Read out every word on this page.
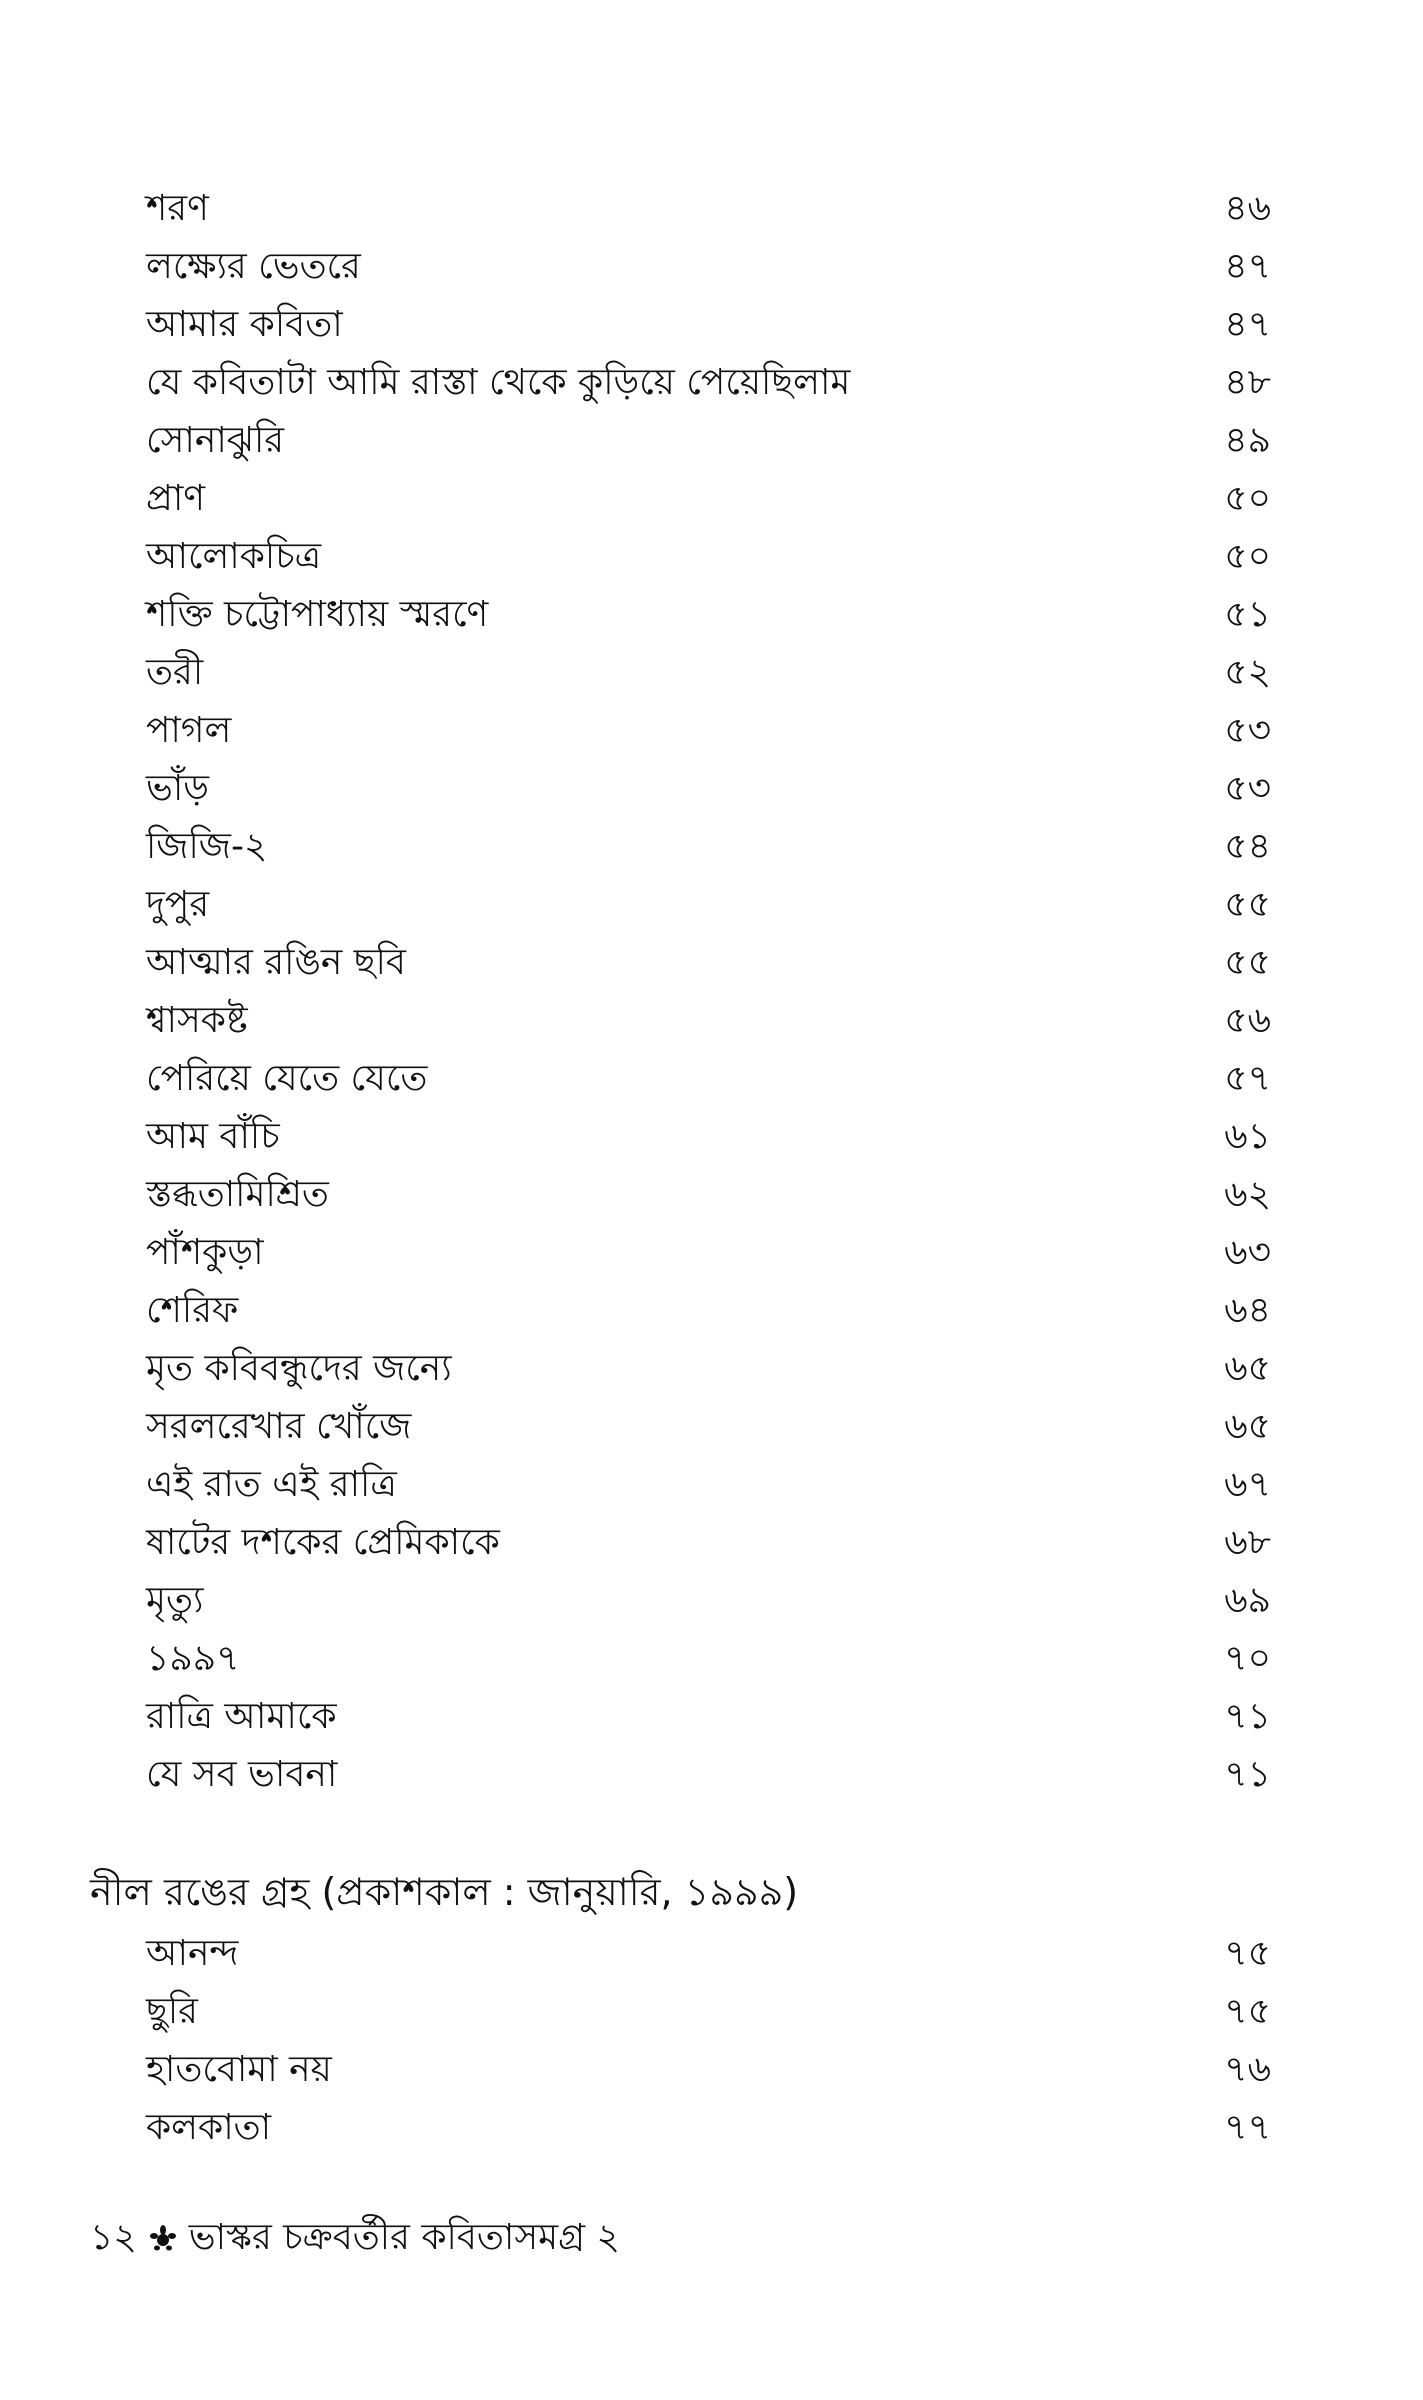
শরণ	৪৬
লক্ষ্যের ভেতরে	৪৭
আমার কবিতা	৪৭
যে কবিতাটা আমি রাস্তা থেকে কুড়িয়ে পেয়েছিলাম	৪৮
সোনাঝুরি	৪৯
প্রাণ	৫০
আলোকচিত্র	৫০
শক্তি চট্টোপাধ্যায় স্মরণে	৫১
তরী	৫২
পাগল	৫৩
ভাঁড়	৫৩
জিজি-২	৫৪
দুপুর	৫৫
আত্মার রঙিন ছবি	৫৫
শ্বাসকষ্ট	৫৬
পেরিয়ে যেতে যেতে	৫৭
আম বাঁচি	৬১
স্তব্ধতামিশ্রিত	৬২
পাঁশকুড়া	৬৩
শেরিফ	৬৪
মৃত কবিবন্ধুদের জন্যে	৬৫
সরলরেখার খোঁজে	৬৫
এই রাত এই রাত্রি	৬৭
ষাটের দশকের প্রেমিকাকে	৬৮
মৃত্যু	৬৯
১৯৯৭	৭০
রাত্রি আমাকে	৭১
যে সব ভাবনা	৭১
নীল রঙের গ্রহ (প্রকাশকাল : জানুয়ারি, ১৯৯৯)
আনন্দ	৭৫
ছুরি	৭৫
হাতবোমা নয়	৭৬
কলকাতা	৭৭
১২ ভাস্কর চক্রবর্তীর কবিতাসমগ্র ২
